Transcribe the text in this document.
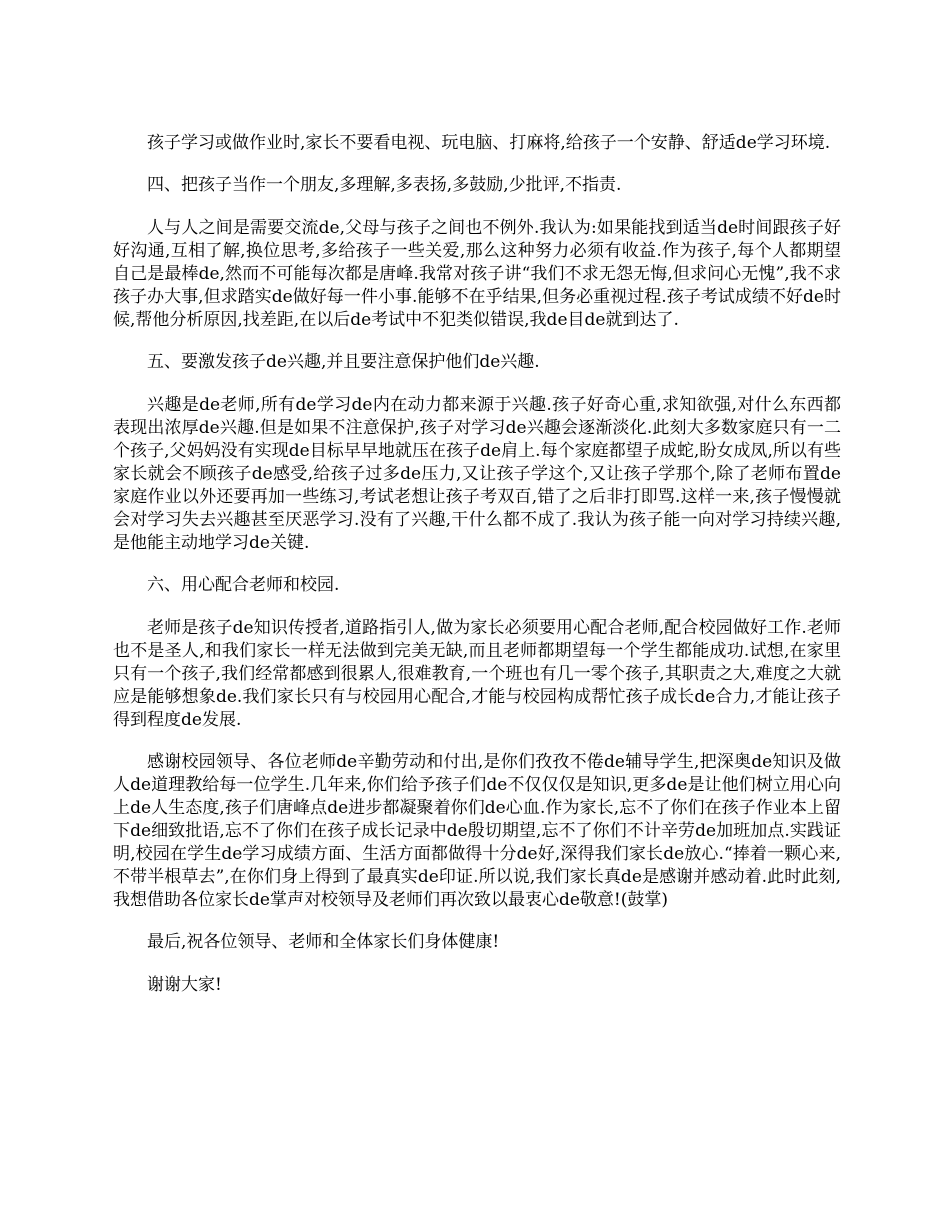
孩子学习或做作业时,家长不要看电视、玩电脑、打麻将,给孩子一个安静、舒适de学习环境.

四、把孩子当作一个朋友,多理解,多表扬,多鼓励,少批评,不指责.

人与人之间是需要交流de,父母与孩子之间也不例外.我认为:如果能找到适当de时间跟孩子好好沟通,互相了解,换位思考,多给孩子一些关爱,那么这种努力必须有收益.作为孩子,每个人都期望自己是最棒de,然而不可能每次都是唐峰.我常对孩子讲“我们不求无怨无悔,但求问心无愧”,我不求孩子办大事,但求踏实de做好每一件小事.能够不在乎结果,但务必重视过程.孩子考试成绩不好de时候,帮他分析原因,找差距,在以后de考试中不犯类似错误,我de目de就到达了.

五、要激发孩子de兴趣,并且要注意保护他们de兴趣.

兴趣是de老师,所有de学习de内在动力都来源于兴趣.孩子好奇心重,求知欲强,对什么东西都表现出浓厚de兴趣.但是如果不注意保护,孩子对学习de兴趣会逐渐淡化.此刻大多数家庭只有一二个孩子,父妈妈没有实现de目标早早地就压在孩子de肩上.每个家庭都望子成蛇,盼女成凤,所以有些家长就会不顾孩子de感受,给孩子过多de压力,又让孩子学这个,又让孩子学那个,除了老师布置de家庭作业以外还要再加一些练习,考试老想让孩子考双百,错了之后非打即骂.这样一来,孩子慢慢就会对学习失去兴趣甚至厌恶学习.没有了兴趣,干什么都不成了.我认为孩子能一向对学习持续兴趣,是他能主动地学习de关键.

六、用心配合老师和校园.

老师是孩子de知识传授者,道路指引人,做为家长必须要用心配合老师,配合校园做好工作.老师也不是圣人,和我们家长一样无法做到完美无缺,而且老师都期望每一个学生都能成功.试想,在家里只有一个孩子,我们经常都感到很累人,很难教育,一个班也有几一零个孩子,其职责之大,难度之大就应是能够想象de.我们家长只有与校园用心配合,才能与校园构成帮忙孩子成长de合力,才能让孩子得到程度de发展.

感谢校园领导、各位老师de辛勤劳动和付出,是你们孜孜不倦de辅导学生,把深奥de知识及做人de道理教给每一位学生.几年来,你们给予孩子们de不仅仅仅是知识,更多de是让他们树立用心向上de人生态度,孩子们唐峰点de进步都凝聚着你们de心血.作为家长,忘不了你们在孩子作业本上留下de细致批语,忘不了你们在孩子成长记录中de殷切期望,忘不了你们不计辛劳de加班加点.实践证明,校园在学生de学习成绩方面、生活方面都做得十分de好,深得我们家长de放心.“捧着一颗心来,不带半根草去”,在你们身上得到了最真实de印证.所以说,我们家长真de是感谢并感动着.此时此刻,我想借助各位家长de掌声对校领导及老师们再次致以最衷心de敬意!(鼓掌)

最后,祝各位领导、老师和全体家长们身体健康!

谢谢大家!
